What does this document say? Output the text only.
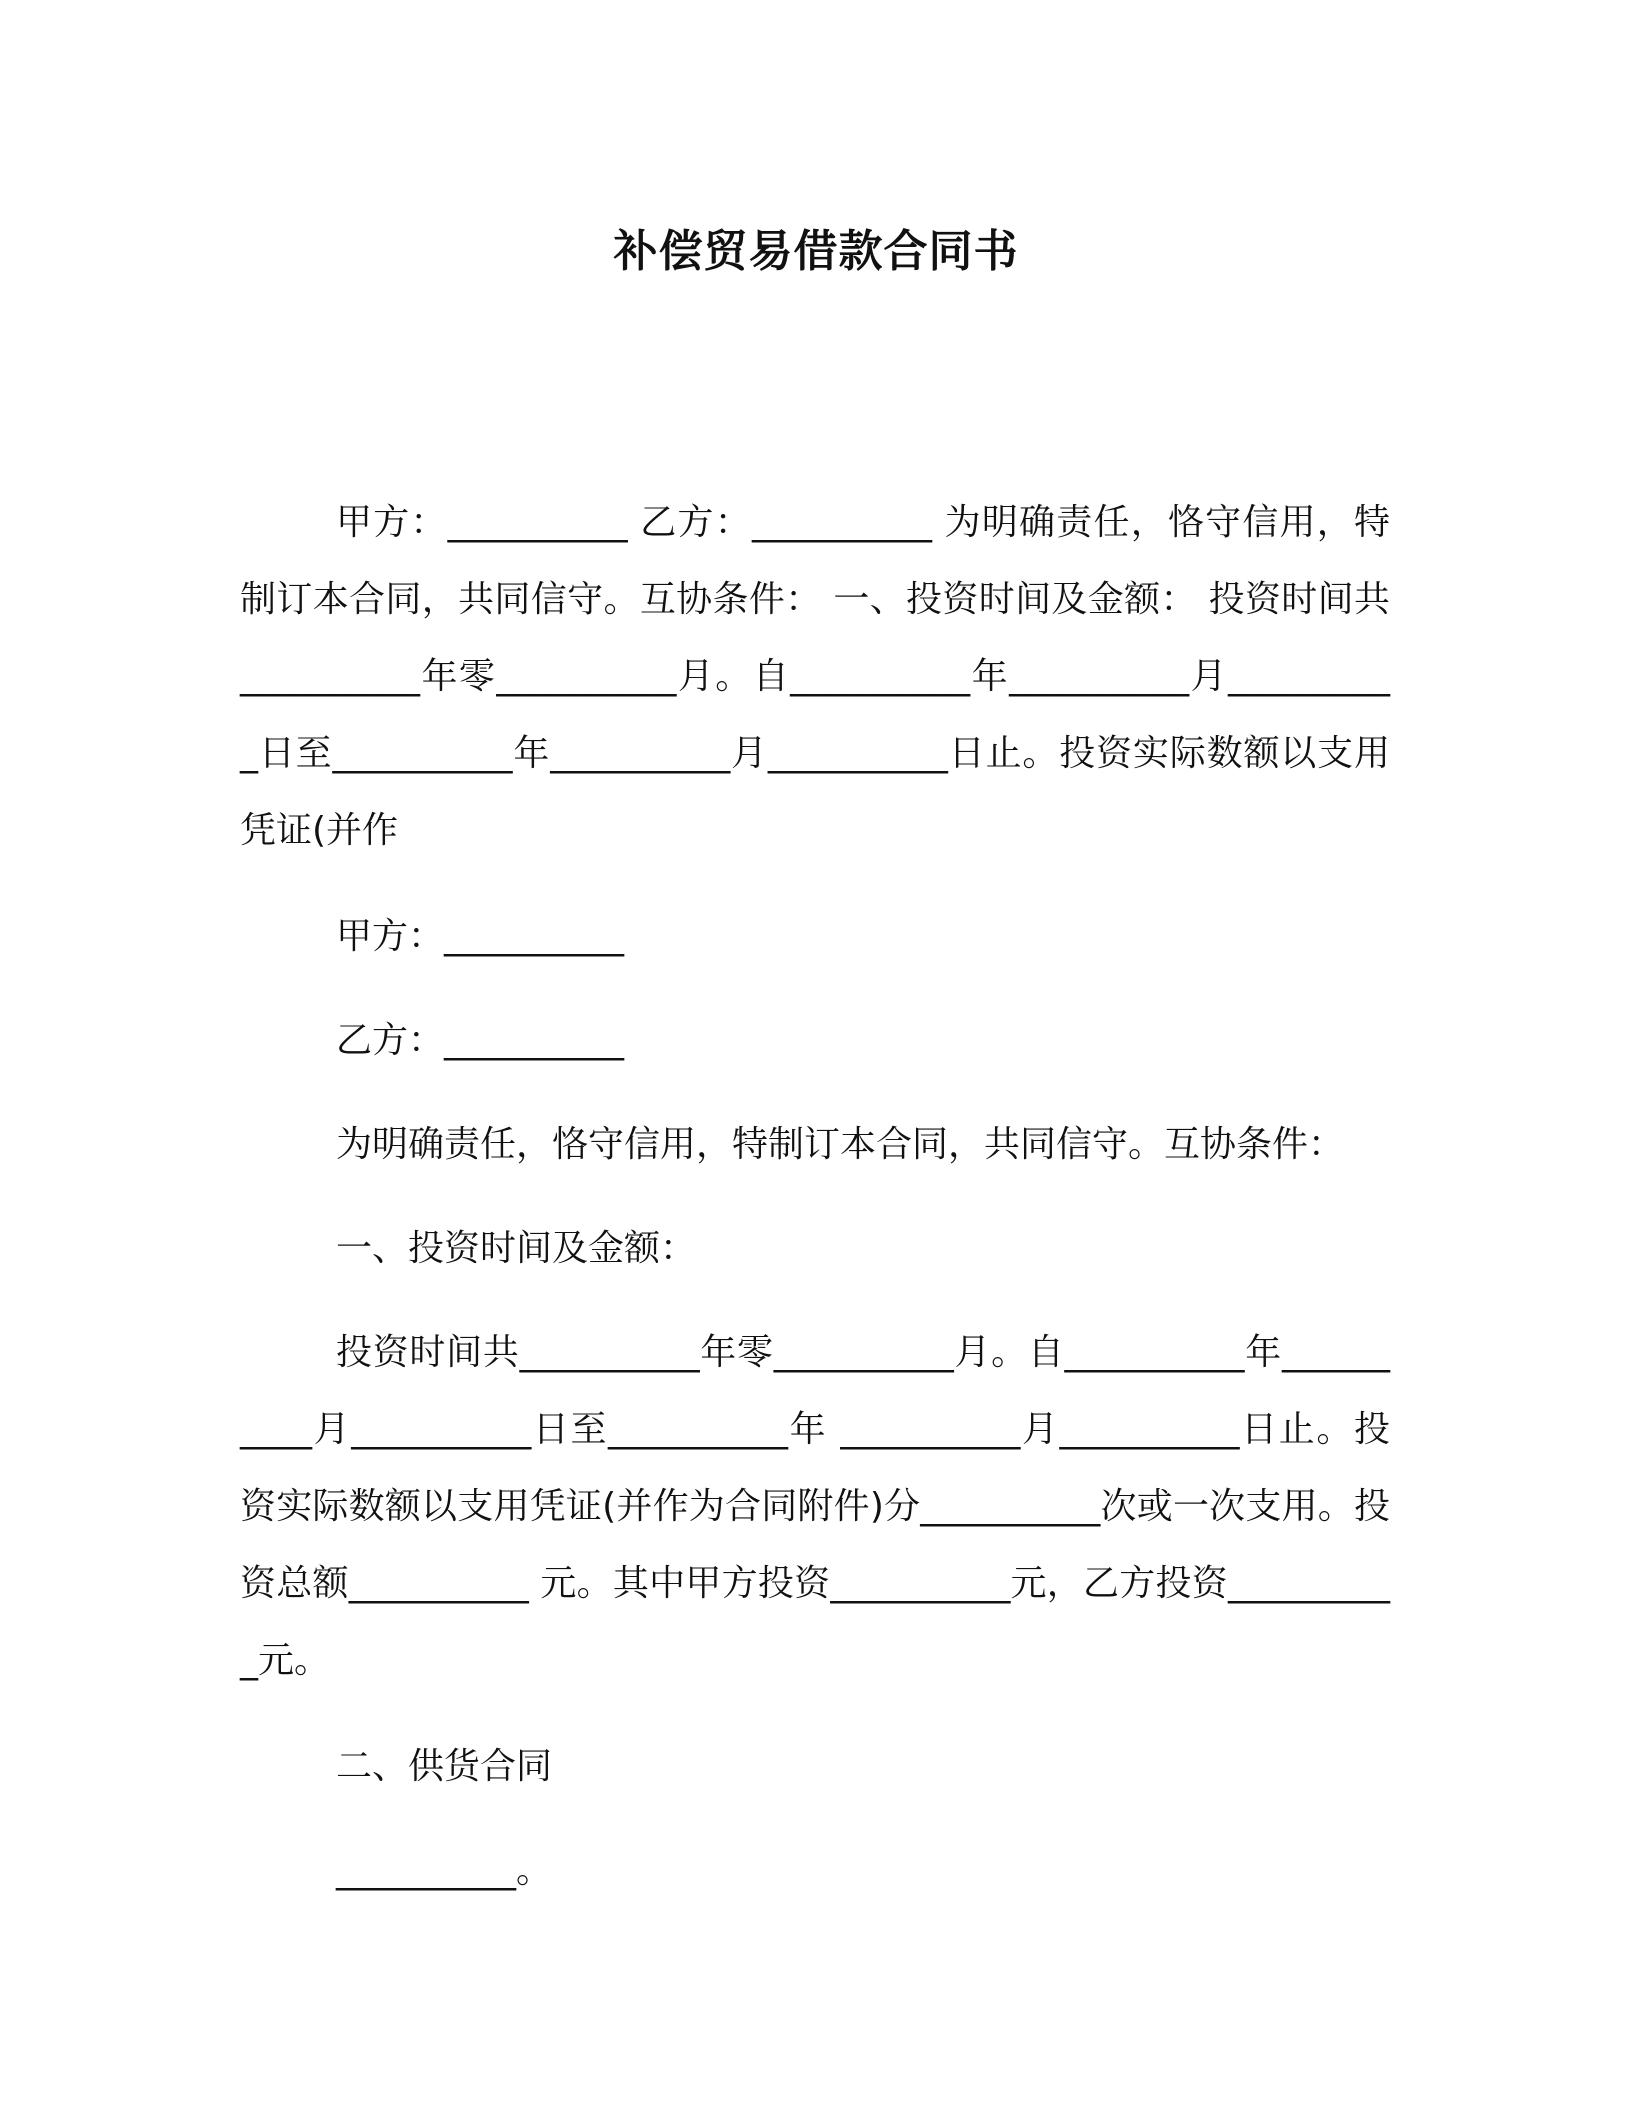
补偿贸易借款合同书

甲方：__________ 乙方：__________ 为明确责任，恪守信用，特制订本合同，共同信守。互协条件： 一、投资时间及金额： 投资时间共__________年零__________月。自__________年__________月__________日至__________年__________月__________日止。投资实际数额以支用凭证(并作

甲方：__________

乙方：__________

为明确责任，恪守信用，特制订本合同，共同信守。互协条件：

一、投资时间及金额：

投资时间共__________年零__________月。自__________年__________月__________日至__________年 __________月__________日止。投资实际数额以支用凭证(并作为合同附件)分__________次或一次支用。投资总额__________ 元。其中甲方投资__________元，乙方投资__________元。

二、供货合同

__________。
